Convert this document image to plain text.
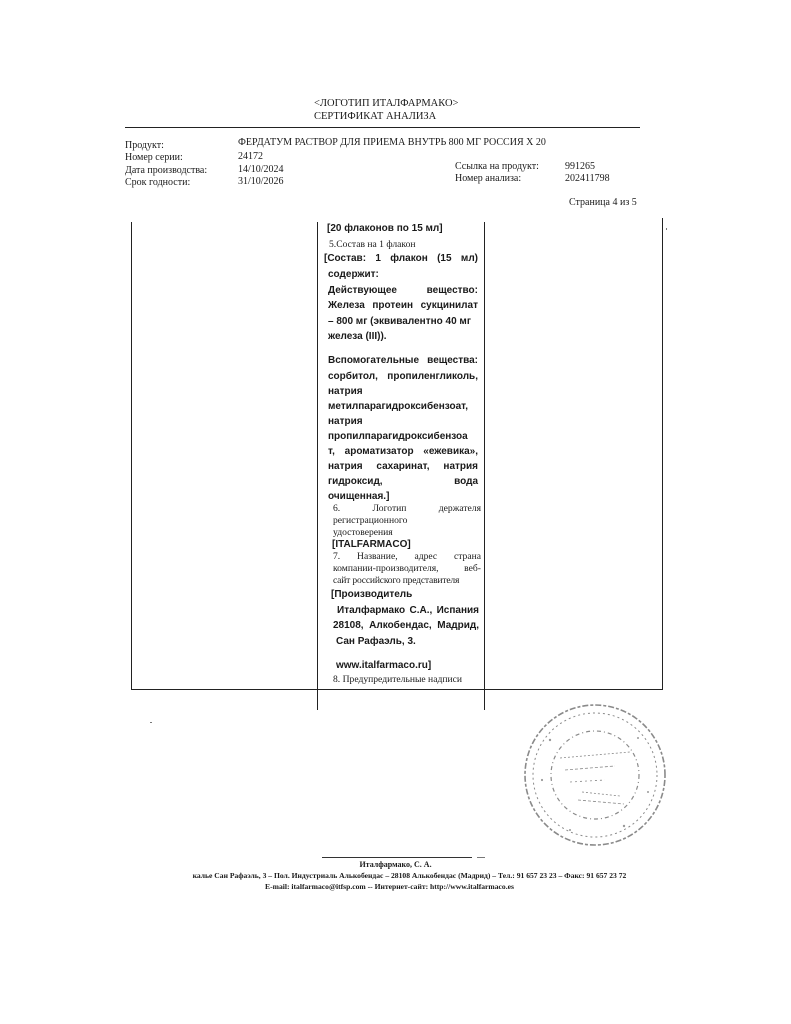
<ЛОГОТИП ИТАЛФАРМАКО>
СЕРТИФИКАТ АНАЛИЗА
Продукт:	ФЕРДАТУМ РАСТВОР ДЛЯ ПРИЕМА ВНУТРЬ 800 МГ РОССИЯ X 20
Номер серии:	24172
Дата производства:	14/10/2024
Срок годности:	31/10/2026
Ссылка на продукт:	991265
Номер анализа:	202411798
Страница 4 из 5
[20 флаконов по 15 мл]
5.Состав на 1 флакон
[Состав: 1 флакон (15 мл)
содержит:
Действующее вещество:
Железа протеин сукцинилат
– 800 мг (эквивалентно 40 мг
железа (III)).
Вспомогательные вещества:
сорбитол, пропиленгликоль,
натрия
метилпарагидроксибензоат,
натрия
пропилпарагидроксибензоа
т, ароматизатор «ежевика»,
натрия сахаринат, натрия
гидроксид, вода
очищенная.]
6. Логотип держателя
регистрационного
удостоверения
[ITALFARMACO]
7. Название, адрес страна
компании-производителя, веб-
сайт российского представителя
[Производитель
Италфармако С.А., Испания
28108, Алкобендас, Мадрид,
Сан Рафаэль, 3.
www.italfarmaco.ru]
8. Предупредительные надписи
Италфармако, С. А.
калье Сан Рафаэль, 3 – Пол. Индустриаль Алькобендас – 28108 Алькобендас (Мадрид) – Тел.: 91 657 23 23 – Факс: 91 657 23 72
E-mail: italfarmaco@itfsp.com -- Интернет-сайт: http://www.italfarmaco.es
